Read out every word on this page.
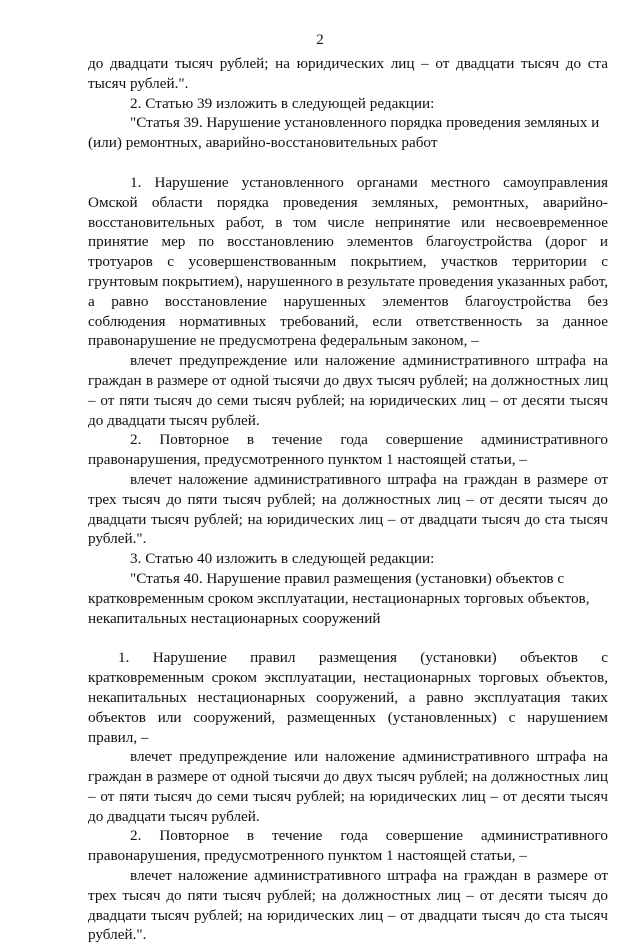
2

до двадцати тысяч рублей; на юридических лиц – от двадцати тысяч до ста тысяч рублей.".

2. Статью 39 изложить в следующей редакции:

"Статья 39. Нарушение установленного порядка проведения земляных и (или) ремонтных, аварийно-восстановительных работ

1. Нарушение установленного органами местного самоуправления Омской области порядка проведения земляных, ремонтных, аварийно-восстановительных работ, в том числе непринятие или несвоевременное принятие мер по восстановлению элементов благоустройства (дорог и тротуаров с усовершенствованным покрытием, участков территории с грунтовым покрытием), нарушенного в результате проведения указанных работ, а равно восстановление нарушенных элементов благоустройства без соблюдения нормативных требований, если ответственность за данное правонарушение не предусмотрена федеральным законом, –

влечет предупреждение или наложение административного штрафа на граждан в размере от одной тысячи до двух тысяч рублей; на должностных лиц – от пяти тысяч до семи тысяч рублей; на юридических лиц – от десяти тысяч до двадцати тысяч рублей.

2. Повторное в течение года совершение административного правонарушения, предусмотренного пунктом 1 настоящей статьи, –

влечет наложение административного штрафа на граждан в размере от трех тысяч до пяти тысяч рублей; на должностных лиц – от десяти тысяч до двадцати тысяч рублей; на юридических лиц – от двадцати тысяч до ста тысяч рублей.".

3. Статью 40 изложить в следующей редакции:

"Статья 40. Нарушение правил размещения (установки) объектов с кратковременным сроком эксплуатации, нестационарных торговых объектов, некапитальных нестационарных сооружений

1. Нарушение правил размещения (установки) объектов с кратковременным сроком эксплуатации, нестационарных торговых объектов, некапитальных нестационарных сооружений, а равно эксплуатация таких объектов или сооружений, размещенных (установленных) с нарушением правил, –

влечет предупреждение или наложение административного штрафа на граждан в размере от одной тысячи до двух тысяч рублей; на должностных лиц – от пяти тысяч до семи тысяч рублей; на юридических лиц – от десяти тысяч до двадцати тысяч рублей.

2. Повторное в течение года совершение административного правонарушения, предусмотренного пунктом 1 настоящей статьи, –

влечет наложение административного штрафа на граждан в размере от трех тысяч до пяти тысяч рублей; на должностных лиц – от десяти тысяч до двадцати тысяч рублей; на юридических лиц – от двадцати тысяч до ста тысяч рублей.".
